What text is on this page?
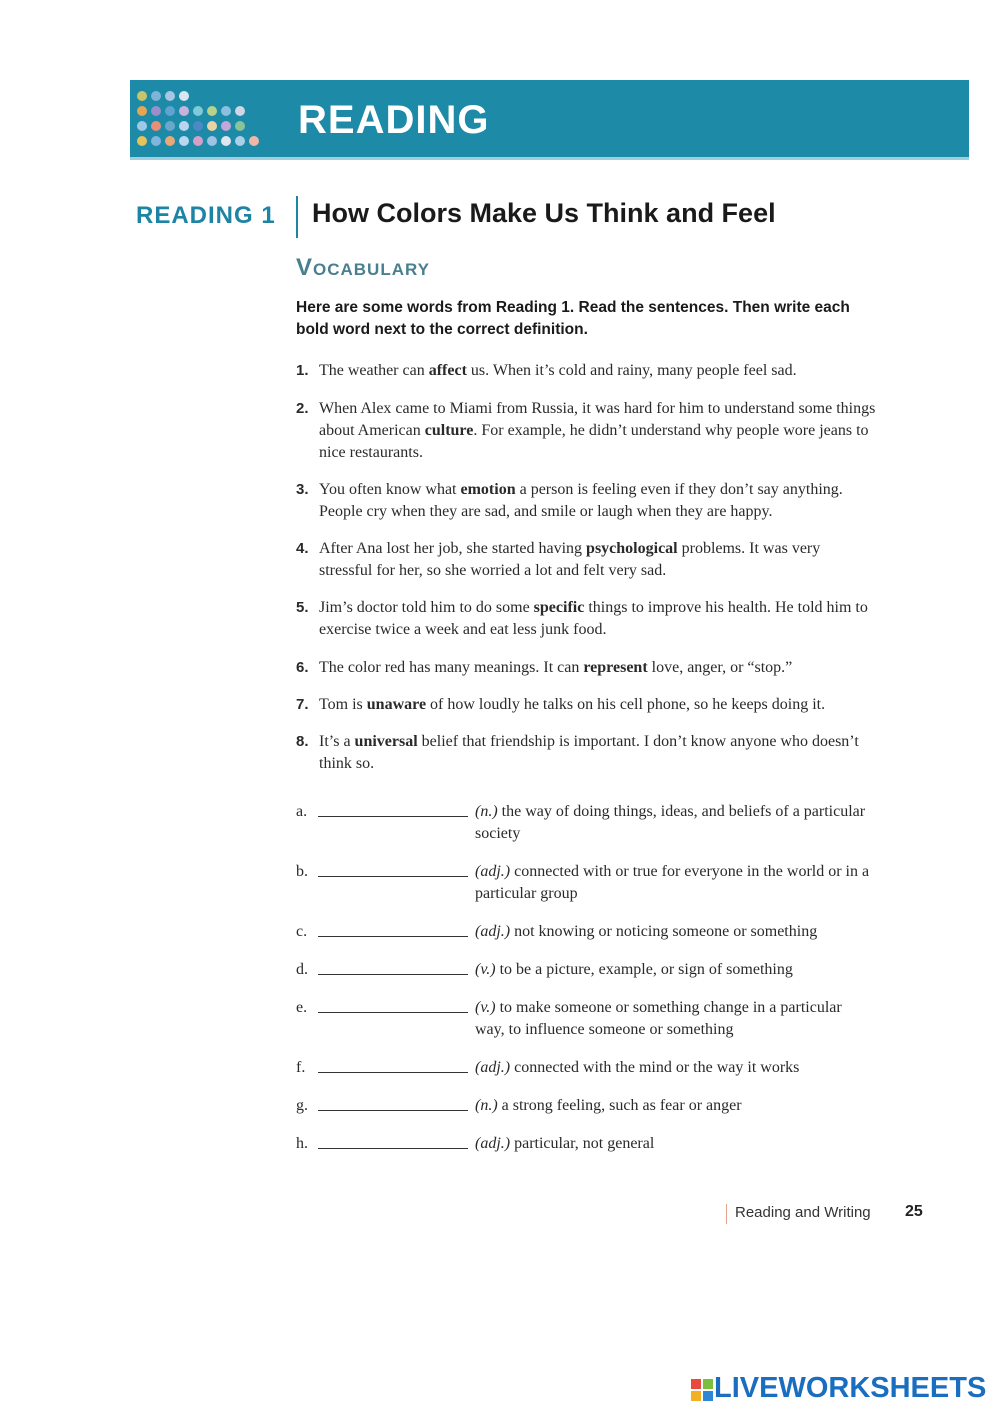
READING
READING 1 How Colors Make Us Think and Feel
Vocabulary
Here are some words from Reading 1. Read the sentences. Then write each bold word next to the correct definition.
1. The weather can affect us. When it’s cold and rainy, many people feel sad.
2. When Alex came to Miami from Russia, it was hard for him to understand some things about American culture. For example, he didn’t understand why people wore jeans to nice restaurants.
3. You often know what emotion a person is feeling even if they don’t say anything. People cry when they are sad, and smile or laugh when they are happy.
4. After Ana lost her job, she started having psychological problems. It was very stressful for her, so she worried a lot and felt very sad.
5. Jim’s doctor told him to do some specific things to improve his health. He told him to exercise twice a week and eat less junk food.
6. The color red has many meanings. It can represent love, anger, or “stop.”
7. Tom is unaware of how loudly he talks on his cell phone, so he keeps doing it.
8. It’s a universal belief that friendship is important. I don’t know anyone who doesn’t think so.
a.	(n.) the way of doing things, ideas, and beliefs of a particular society
b.	(adj.) connected with or true for everyone in the world or in a particular group
c.	(adj.) not knowing or noticing someone or something
d.	(v.) to be a picture, example, or sign of something
e.	(v.) to make someone or something change in a particular way, to influence someone or something
f.	(adj.) connected with the mind or the way it works
g.	(n.) a strong feeling, such as fear or anger
h.	(adj.) particular, not general
Reading and Writing 25
LIVEWORKSHEETS
